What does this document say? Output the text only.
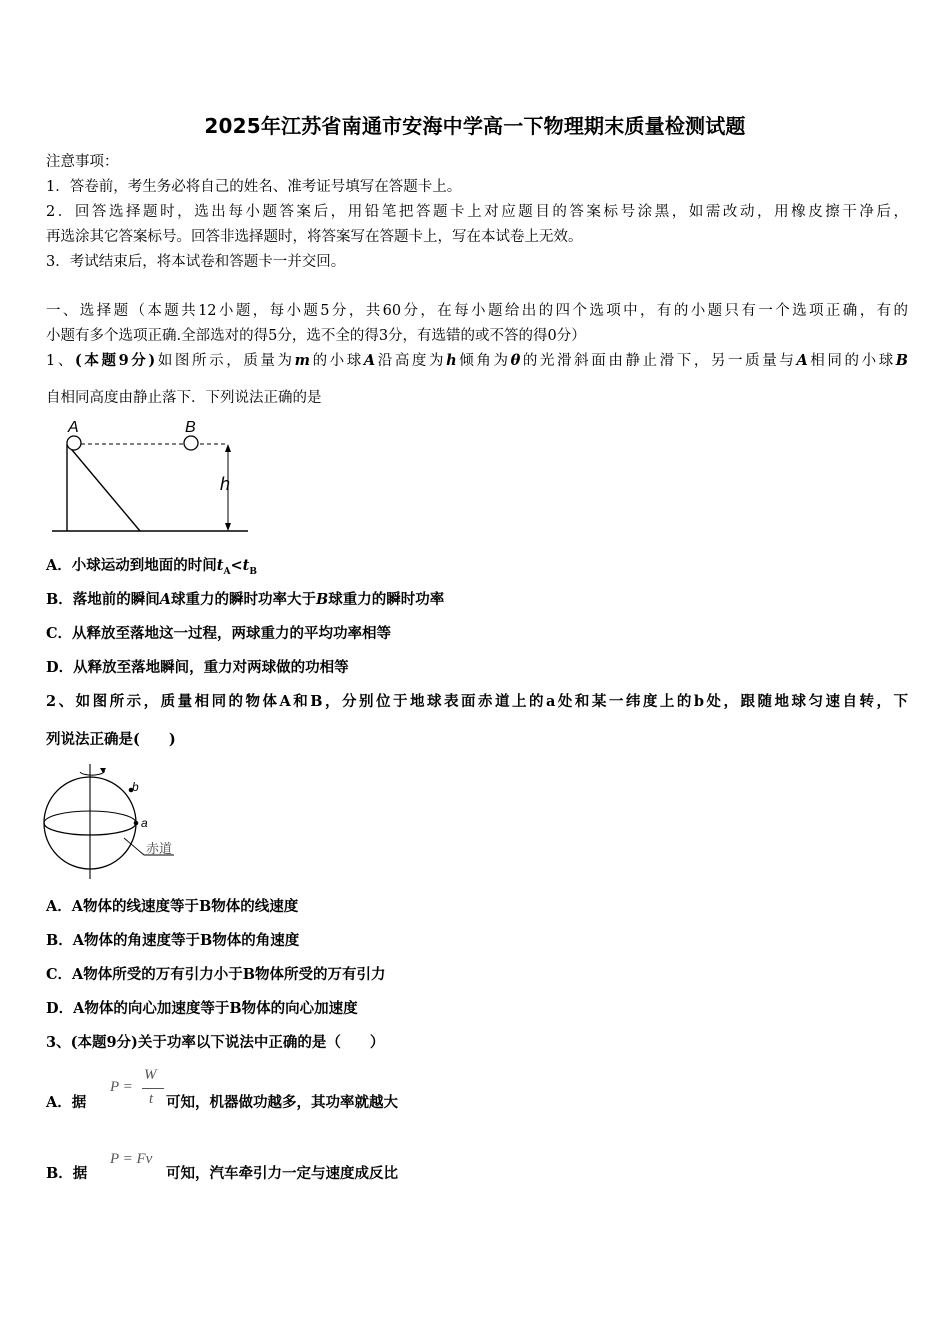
2025年江苏省南通市安海中学高一下物理期末质量检测试题
注意事项：
1．答卷前，考生务必将自己的姓名、准考证号填写在答题卡上。
2．回答选择题时，选出每小题答案后，用铅笔把答题卡上对应题目的答案标号涂黑，如需改动，用橡皮擦干净后，
再选涂其它答案标号。回答非选择题时，将答案写在答题卡上，写在本试卷上无效。
3．考试结束后，将本试卷和答题卡一并交回。
一、选择题（本题共12小题，每小题5分，共60分，在每小题给出的四个选项中，有的小题只有一个选项正确，有的
小题有多个选项正确.全部选对的得5分，选不全的得3分，有选错的或不答的得0分）
1、(本题9分)如图所示，质量为m的小球A沿高度为h倾角为θ的光滑斜面由静止滑下，另一质量与A相同的小球B
自相同高度由静止落下．下列说法正确的是
A	B
h
A．小球运动到地面的时间$t_A<t_B$
B．落地前的瞬间A球重力的瞬时功率大于B球重力的瞬时功率
C．从释放至落地这一过程，两球重力的平均功率相等
D．从释放至落地瞬间，重力对两球做的功相等
2、如图所示，质量相同的物体A和B，分别位于地球表面赤道上的a处和某一纬度上的b处，跟随地球匀速自转，下
列说法正确是(　　)
b
a
赤道
A．A物体的线速度等于B物体的线速度
B．A物体的角速度等于B物体的角速度
C．A物体所受的万有引力小于B物体所受的万有引力
D．A物体的向心加速度等于B物体的向心加速度
3、(本题9分)关于功率以下说法中正确的是（　　）
A．据
P =
W
t 可知，机器做功越多，其功率就越大
B．据
P = Fv
可知，汽车牵引力一定与速度成反比
